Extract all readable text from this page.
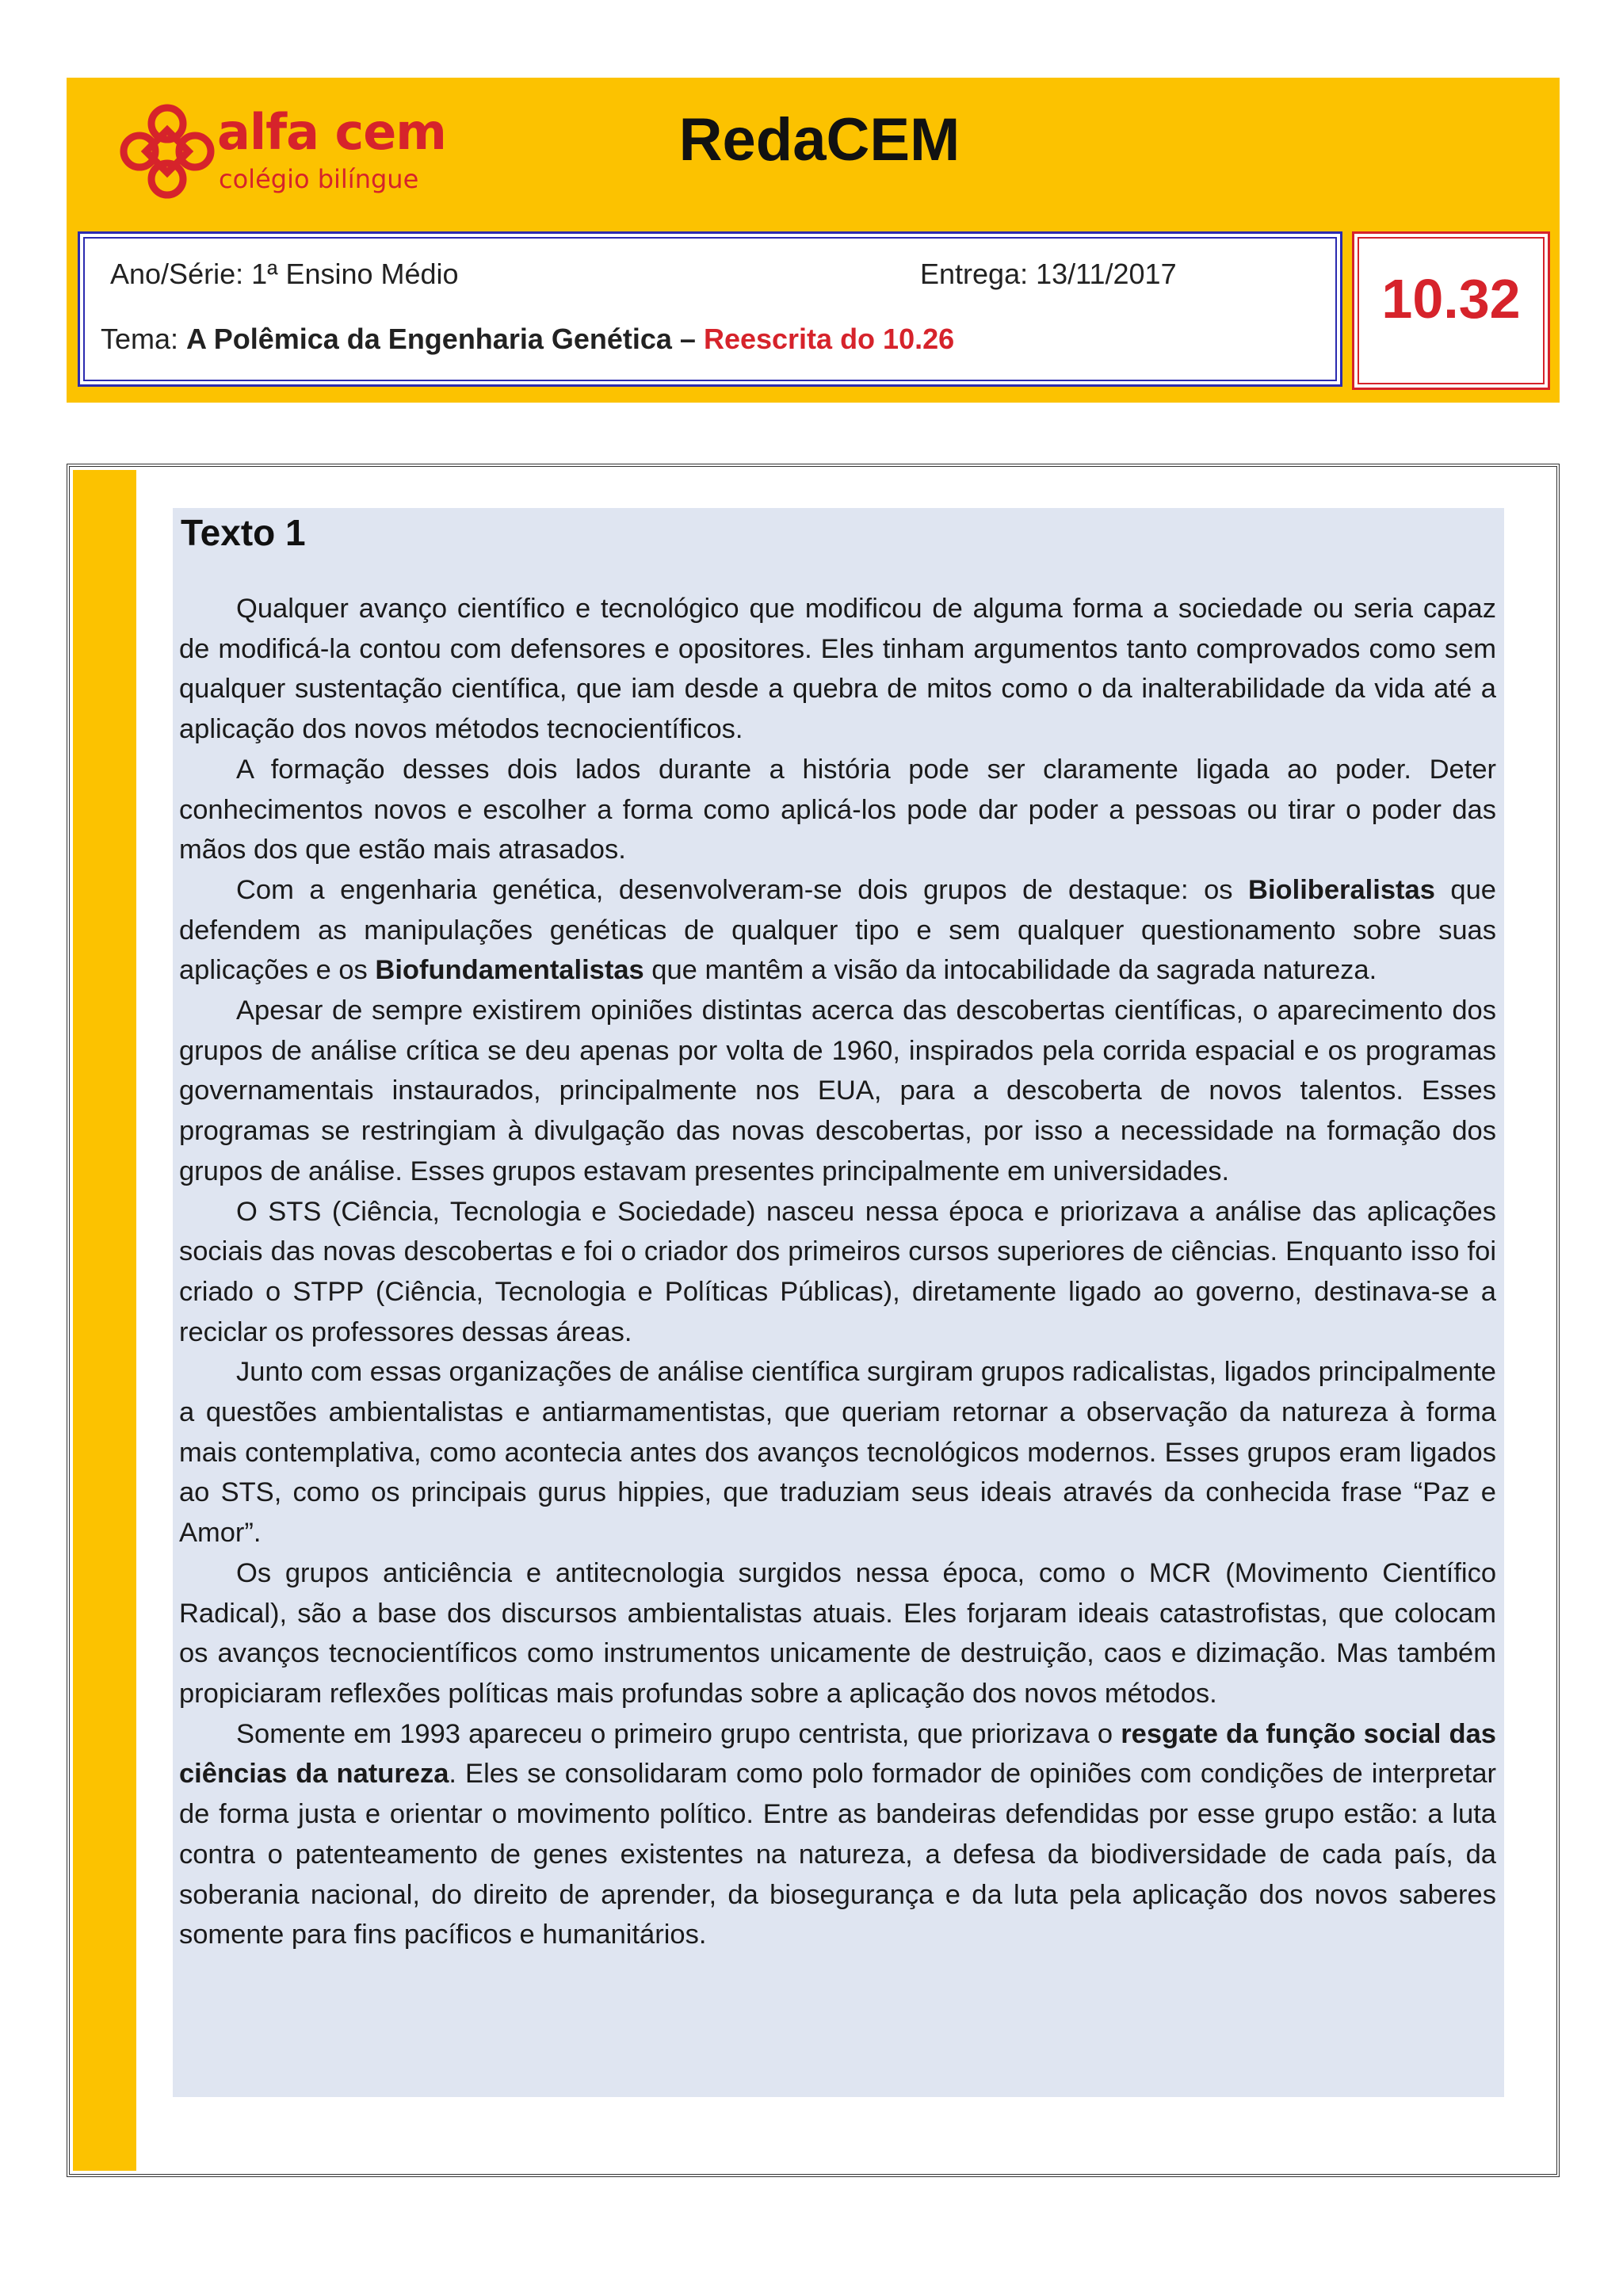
alfa cem
colégio bilíngue
RedaCEM
Ano/Série: 1ª Ensino Médio	Entrega: 13/11/2017
Tema: A Polêmica da Engenharia Genética – Reescrita do 10.26
10.32
Texto 1

Qualquer avanço científico e tecnológico que modificou de alguma forma a sociedade ou seria capaz de modificá-la contou com defensores e opositores. Eles tinham argumentos tanto comprovados como sem qualquer sustentação científica, que iam desde a quebra de mitos como o da inalterabilidade da vida até a aplicação dos novos métodos tecnocientíficos.

A formação desses dois lados durante a história pode ser claramente ligada ao poder. Deter conhecimentos novos e escolher a forma como aplicá-los pode dar poder a pessoas ou tirar o poder das mãos dos que estão mais atrasados.

Com a engenharia genética, desenvolveram-se dois grupos de destaque: os Bioliberalistas que defendem as manipulações genéticas de qualquer tipo e sem qualquer questionamento sobre suas aplicações e os Biofundamentalistas que mantêm a visão da intocabilidade da sagrada natureza.

Apesar de sempre existirem opiniões distintas acerca das descobertas científicas, o aparecimento dos grupos de análise crítica se deu apenas por volta de 1960, inspirados pela corrida espacial e os programas governamentais instaurados, principalmente nos EUA, para a descoberta de novos talentos. Esses programas se restringiam à divulgação das novas descobertas, por isso a necessidade na formação dos grupos de análise. Esses grupos estavam presentes principalmente em universidades.

O STS (Ciência, Tecnologia e Sociedade) nasceu nessa época e priorizava a análise das aplicações sociais das novas descobertas e foi o criador dos primeiros cursos superiores de ciências. Enquanto isso foi criado o STPP (Ciência, Tecnologia e Políticas Públicas), diretamente ligado ao governo, destinava-se a reciclar os professores dessas áreas.

Junto com essas organizações de análise científica surgiram grupos radicalistas, ligados principalmente a questões ambientalistas e antiarmamentistas, que queriam retornar a observação da natureza à forma mais contemplativa, como acontecia antes dos avanços tecnológicos modernos. Esses grupos eram ligados ao STS, como os principais gurus hippies, que traduziam seus ideais através da conhecida frase “Paz e Amor”.

Os grupos anticiência e antitecnologia surgidos nessa época, como o MCR (Movimento Científico Radical), são a base dos discursos ambientalistas atuais. Eles forjaram ideais catastrofistas, que colocam os avanços tecnocientíficos como instrumentos unicamente de destruição, caos e dizimação. Mas também propiciaram reflexões políticas mais profundas sobre a aplicação dos novos métodos.

Somente em 1993 apareceu o primeiro grupo centrista, que priorizava o resgate da função social das ciências da natureza. Eles se consolidaram como polo formador de opiniões com condições de interpretar de forma justa e orientar o movimento político. Entre as bandeiras defendidas por esse grupo estão: a luta contra o patenteamento de genes existentes na natureza, a defesa da biodiversidade de cada país, da soberania nacional, do direito de aprender, da biosegurança e da luta pela aplicação dos novos saberes somente para fins pacíficos e humanitários.
